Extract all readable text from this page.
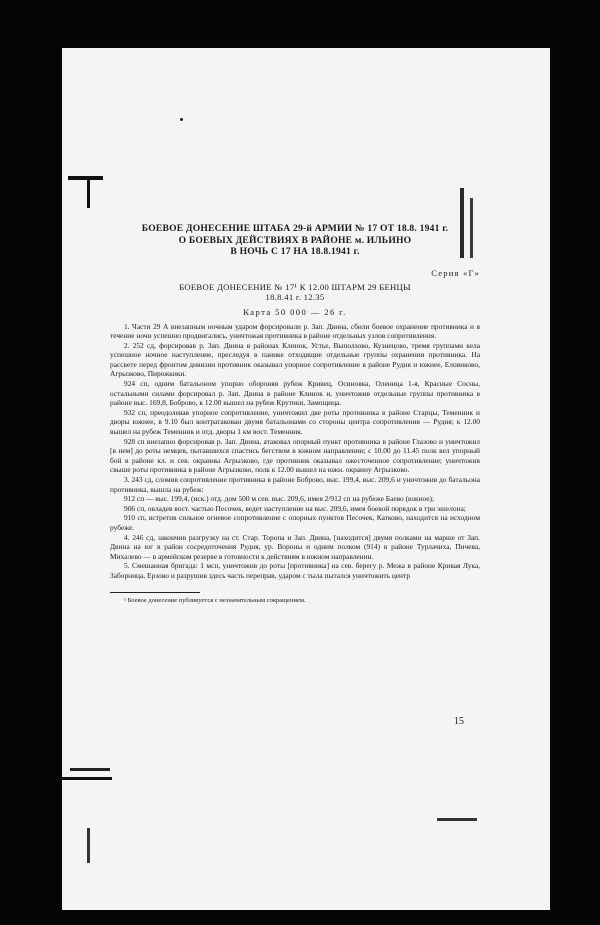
БОЕВОЕ ДОНЕСЕНИЕ ШТАБА 29-й АРМИИ № 17 ОТ 18.8. 1941 г.
О БОЕВЫХ ДЕЙСТВИЯХ В РАЙОНЕ м. ИЛЬИНО
В НОЧЬ С 17 НА 18.8.1941 г.
Серия «Г»
БОЕВОЕ ДОНЕСЕНИЕ № 17¹ К 12.00 ШТАРМ 29 БЕНЦЫ
18.8.41 г. 12.35
Карта 50 000 — 26 г.

1. Части 29 А внезапным ночным ударом форсировали р. Зап. Двина, сбили боевое охранение противника и в течение ночи успешно продвигались, уничтожая противника в районе отдельных узлов сопротивления.

2. 252 сд, форсировав р. Зап. Двина в районах Клинок, Устье, Выползово, Кузнецово, тремя группами вела успешное ночное наступление, преследуя в панике отходящие отдельные группы охранения противника. На рассвете перед фронтом дивизии противник оказывал упорное сопротивление в районе Рудня и южнее, Еловиково, Агрызково, Пирожкики.

924 сп, одним батальоном упорно обороняя рубеж Кривец, Осиновка, Оленица 1-я, Красные Сосны, остальными силами форсировал р. Зап. Двина в районе Клинок и, уничтожив отдельные группы противника в районе выс. 169,8, Боброво, к 12.00 вышел на рубеж Крутики, Замощица.

932 сп, преодолевая упорное сопротивление, уничтожил две роты противника в районе Старцы, Теменник и дворы южнее, в 9.10 был контратакован двумя батальонами со стороны центра сопротивления — Рудня; к 12.00 вышел на рубеж Теменник и отд. дворы 1 км вост. Теменник.

928 сп внезапно форсировав р. Зап. Двина, атаковал опорный пункт противника в районе Глазово и уничтожил [в нем] до роты немцев, пытавшихся спастись бегством в южном направлении; с 10.00 до 11.45 полк вел упорный бой в районе кл. и сев. окраины Агрызково, где противник оказывал ожесточенное сопротивление; уничтожив свыше роты противника в районе Агрызково, полк к 12.00 вышел на южн. окраину Агрызково.

3. 243 сд, сломив сопротивление противника в районе Боброво, выс. 199,4, выс. 209,6 и уничтожив до батальона противника, вышла на рубеж:

912 сп — выс. 199,4, (иск.) отд. дом 500 м сев. выс. 209,6, имея 2/912 сп на рубеже Баево (южное);

906 сп, овладев вост. частью Песочек, ведет наступление на выс. 209,6, имея боевой порядок в три эшелона;

910 сп, встретив сильное огневое сопротивление с опорных пунктов Песочек, Катково, находится на исходном рубеже.

4. 246 сд, закончив разгрузку на ст. Стар. Торопа и Зап. Двина, [находится] двумя полками на марше от Зап. Двина на юг в район сосредоточения Рудня, ур. Вороны и одним полком (914) в районе Турлачиха, Пичева, Михалево — в армейском резерве в готовности к действиям в южном направлении.

5. Смешанная бригада: 1 мсп, уничтожив до роты [противника] на сев. берегу р. Межа в районе Кривая Лука, Заборница, Ерзово и разрушив здесь часть переправ, ударом с тыла пытался уничтожить центр

¹ Боевое донесение публикуется с незначительным сокращением.

15
